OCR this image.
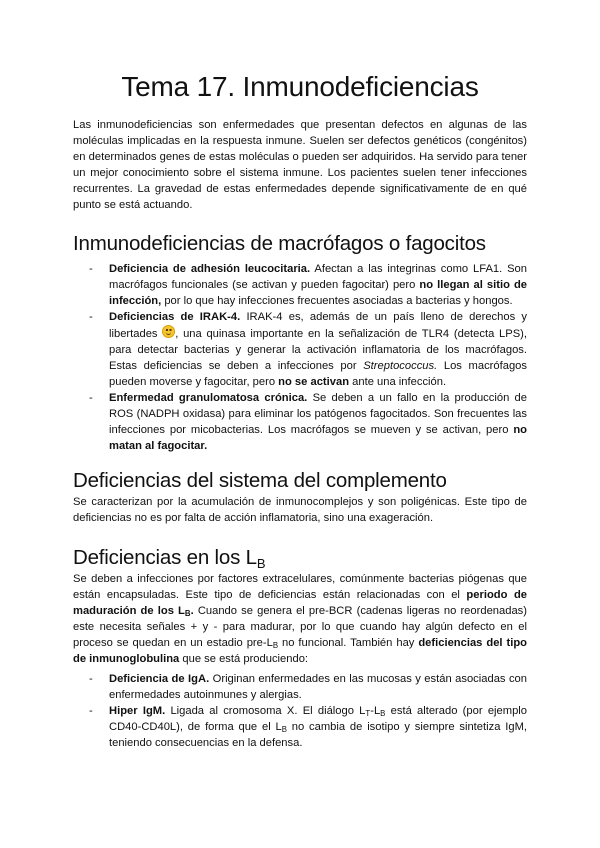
Tema 17. Inmunodeficiencias

Las inmunodeficiencias son enfermedades que presentan defectos en algunas de las moléculas implicadas en la respuesta inmune. Suelen ser defectos genéticos (congénitos) en determinados genes de estas moléculas o pueden ser adquiridos. Ha servido para tener un mejor conocimiento sobre el sistema inmune. Los pacientes suelen tener infecciones recurrentes. La gravedad de estas enfermedades depende significativamente de en qué punto se está actuando.

Inmunodeficiencias de macrófagos o fagocitos
- Deficiencia de adhesión leucocitaria. Afectan a las integrinas como LFA1. Son macrófagos funcionales (se activan y pueden fagocitar) pero no llegan al sitio de infección, por lo que hay infecciones frecuentes asociadas a bacterias y hongos.
- Deficiencias de IRAK-4. IRAK-4 es, además de un país lleno de derechos y libertades , una quinasa importante en la señalización de TLR4 (detecta LPS), para detectar bacterias y generar la activación inflamatoria de los macrófagos. Estas deficiencias se deben a infecciones por Streptococcus. Los macrófagos pueden moverse y fagocitar, pero no se activan ante una infección.
- Enfermedad granulomatosa crónica. Se deben a un fallo en la producción de ROS (NADPH oxidasa) para eliminar los patógenos fagocitados. Son frecuentes las infecciones por micobacterias. Los macrófagos se mueven y se activan, pero no matan al fagocitar.
Deficiencias del sistema del complemento

Se caracterizan por la acumulación de inmunocomplejos y son poligénicas. Este tipo de deficiencias no es por falta de acción inflamatoria, sino una exageración.

Deficiencias en los $L_B$

Se deben a infecciones por factores extracelulares, comúnmente bacterias piógenas que están encapsuladas. Este tipo de deficiencias están relacionadas con el periodo de maduración de los $L_B$. Cuando se genera el pre-BCR (cadenas ligeras no reordenadas) este necesita señales + y - para madurar, por lo que cuando hay algún defecto en el proceso se quedan en un estadio pre-$L_B$ no funcional. También hay deficiencias del tipo de inmunoglobulina que se está produciendo:

- Deficiencia de IgA. Originan enfermedades en las mucosas y están asociadas con enfermedades autoinmunes y alergias.
- Hiper IgM. Ligada al cromosoma X. El diálogo $L_T-L_B$ está alterado (por ejemplo CD40-CD40L), de forma que el $L_B$ no cambia de isotipo y siempre sintetiza IgM, teniendo consecuencias en la defensa.
